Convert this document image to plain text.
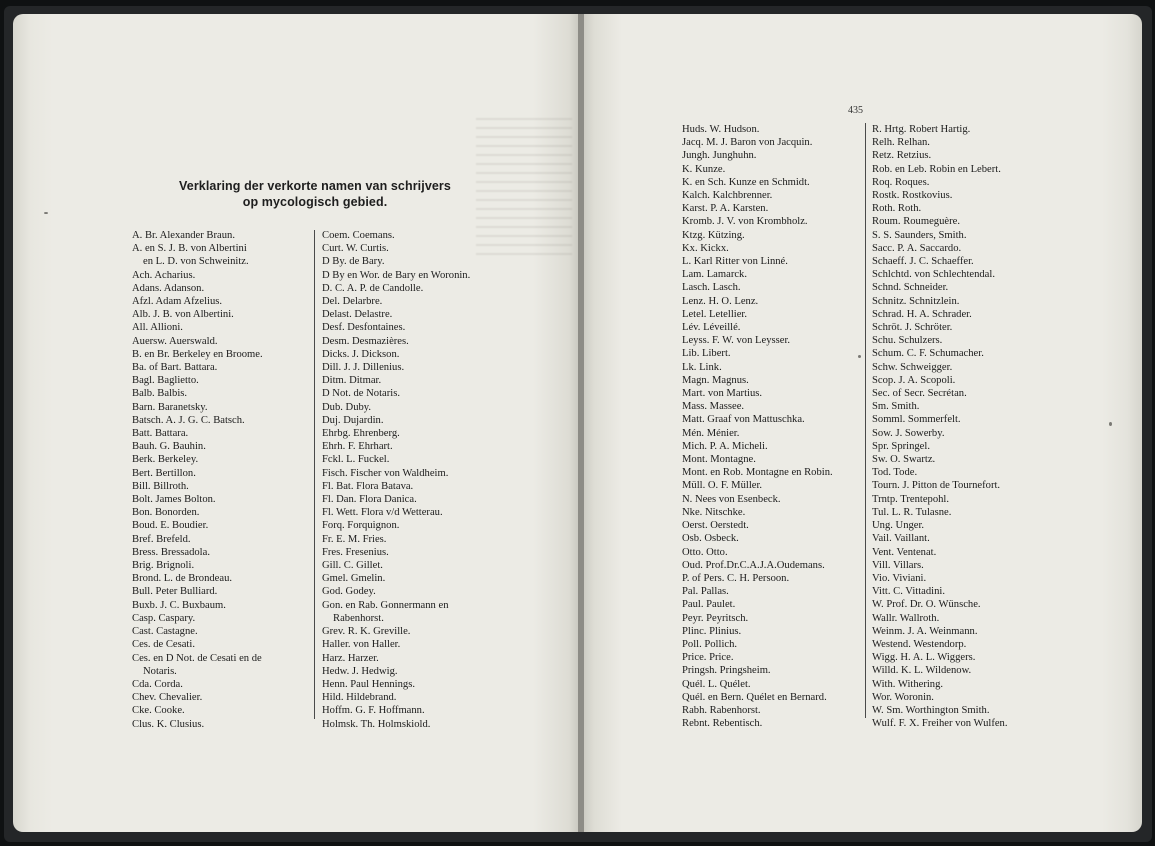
Verklaring der verkorte namen van schrijvers
op mycologisch gebied.
435
A. Br. Alexander Braun.
A. en S. J. B. von Albertini
en L. D. von Schweinitz.
Ach. Acharius.
Adans. Adanson.
Afzl. Adam Afzelius.
Alb. J. B. von Albertini.
All. Allioni.
Auersw. Auerswald.
B. en Br. Berkeley en Broome.
Ba. of Bart. Battara.
Bagl. Baglietto.
Balb. Balbis.
Barn. Baranetsky.
Batsch. A. J. G. C. Batsch.
Batt. Battara.
Bauh. G. Bauhin.
Berk. Berkeley.
Bert. Bertillon.
Bill. Billroth.
Bolt. James Bolton.
Bon. Bonorden.
Boud. E. Boudier.
Bref. Brefeld.
Bress. Bressadola.
Brig. Brignoli.
Brond. L. de Brondeau.
Bull. Peter Bulliard.
Buxb. J. C. Buxbaum.
Casp. Caspary.
Cast. Castagne.
Ces. de Cesati.
Ces. en D Not. de Cesati en de
Notaris.
Cda. Corda.
Chev. Chevalier.
Cke. Cooke.
Clus. K. Clusius.
Coem. Coemans.
Curt. W. Curtis.
D By. de Bary.
D By en Wor. de Bary en Woronin.
D. C. A. P. de Candolle.
Del. Delarbre.
Delast. Delastre.
Desf. Desfontaines.
Desm. Desmazières.
Dicks. J. Dickson.
Dill. J. J. Dillenius.
Ditm. Ditmar.
D Not. de Notaris.
Dub. Duby.
Duj. Dujardin.
Ehrbg. Ehrenberg.
Ehrh. F. Ehrhart.
Fckl. L. Fuckel.
Fisch. Fischer von Waldheim.
Fl. Bat. Flora Batava.
Fl. Dan. Flora Danica.
Fl. Wett. Flora v/d Wetterau.
Forq. Forquignon.
Fr. E. M. Fries.
Fres. Fresenius.
Gill. C. Gillet.
Gmel. Gmelin.
God. Godey.
Gon. en Rab. Gonnermann en
Rabenhorst.
Grev. R. K. Greville.
Haller. von Haller.
Harz. Harzer.
Hedw. J. Hedwig.
Henn. Paul Hennings.
Hild. Hildebrand.
Hoffm. G. F. Hoffmann.
Holmsk. Th. Holmskiold.
Huds. W. Hudson.
Jacq. M. J. Baron von Jacquin.
Jungh. Junghuhn.
K. Kunze.
K. en Sch. Kunze en Schmidt.
Kalch. Kalchbrenner.
Karst. P. A. Karsten.
Kromb. J. V. von Krombholz.
Ktzg. Kützing.
Kx. Kickx.
L. Karl Ritter von Linné.
Lam. Lamarck.
Lasch. Lasch.
Lenz. H. O. Lenz.
Letel. Letellier.
Lév. Léveillé.
Leyss. F. W. von Leysser.
Lib. Libert.
Lk. Link.
Magn. Magnus.
Mart. von Martius.
Mass. Massee.
Matt. Graaf von Mattuschka.
Mén. Ménier.
Mich. P. A. Micheli.
Mont. Montagne.
Mont. en Rob. Montagne en Robin.
Müll. O. F. Müller.
N. Nees von Esenbeck.
Nke. Nitschke.
Oerst. Oerstedt.
Osb. Osbeck.
Otto. Otto.
Oud. Prof.Dr.C.A.J.A.Oudemans.
P. of Pers. C. H. Persoon.
Pal. Pallas.
Paul. Paulet.
Peyr. Peyritsch.
Plinc. Plinius.
Poll. Pollich.
Price. Price.
Pringsh. Pringsheim.
Quél. L. Quélet.
Quél. en Bern. Quélet en Bernard.
Rabh. Rabenhorst.
Rebnt. Rebentisch.
R. Hrtg. Robert Hartig.
Relh. Relhan.
Retz. Retzius.
Rob. en Leb. Robin en Lebert.
Roq. Roques.
Rostk. Rostkovius.
Roth. Roth.
Roum. Roumeguère.
S. S. Saunders, Smith.
Sacc. P. A. Saccardo.
Schaeff. J. C. Schaeffer.
Schlchtd. von Schlechtendal.
Schnd. Schneider.
Schnitz. Schnitzlein.
Schrad. H. A. Schrader.
Schröt. J. Schröter.
Schu. Schulzers.
Schum. C. F. Schumacher.
Schw. Schweigger.
Scop. J. A. Scopoli.
Sec. of Secr. Secrétan.
Sm. Smith.
Somml. Sommerfelt.
Sow. J. Sowerby.
Spr. Springel.
Sw. O. Swartz.
Tod. Tode.
Tourn. J. Pitton de Tournefort.
Trntp. Trentepohl.
Tul. L. R. Tulasne.
Ung. Unger.
Vail. Vaillant.
Vent. Ventenat.
Vill. Villars.
Vio. Viviani.
Vitt. C. Vittadini.
W. Prof. Dr. O. Wünsche.
Wallr. Wallroth.
Weinm. J. A. Weinmann.
Westend. Westendorp.
Wigg. H. A. L. Wiggers.
Willd. K. L. Wildenow.
With. Withering.
Wor. Woronin.
W. Sm. Worthington Smith.
Wulf. F. X. Freiher von Wulfen.
